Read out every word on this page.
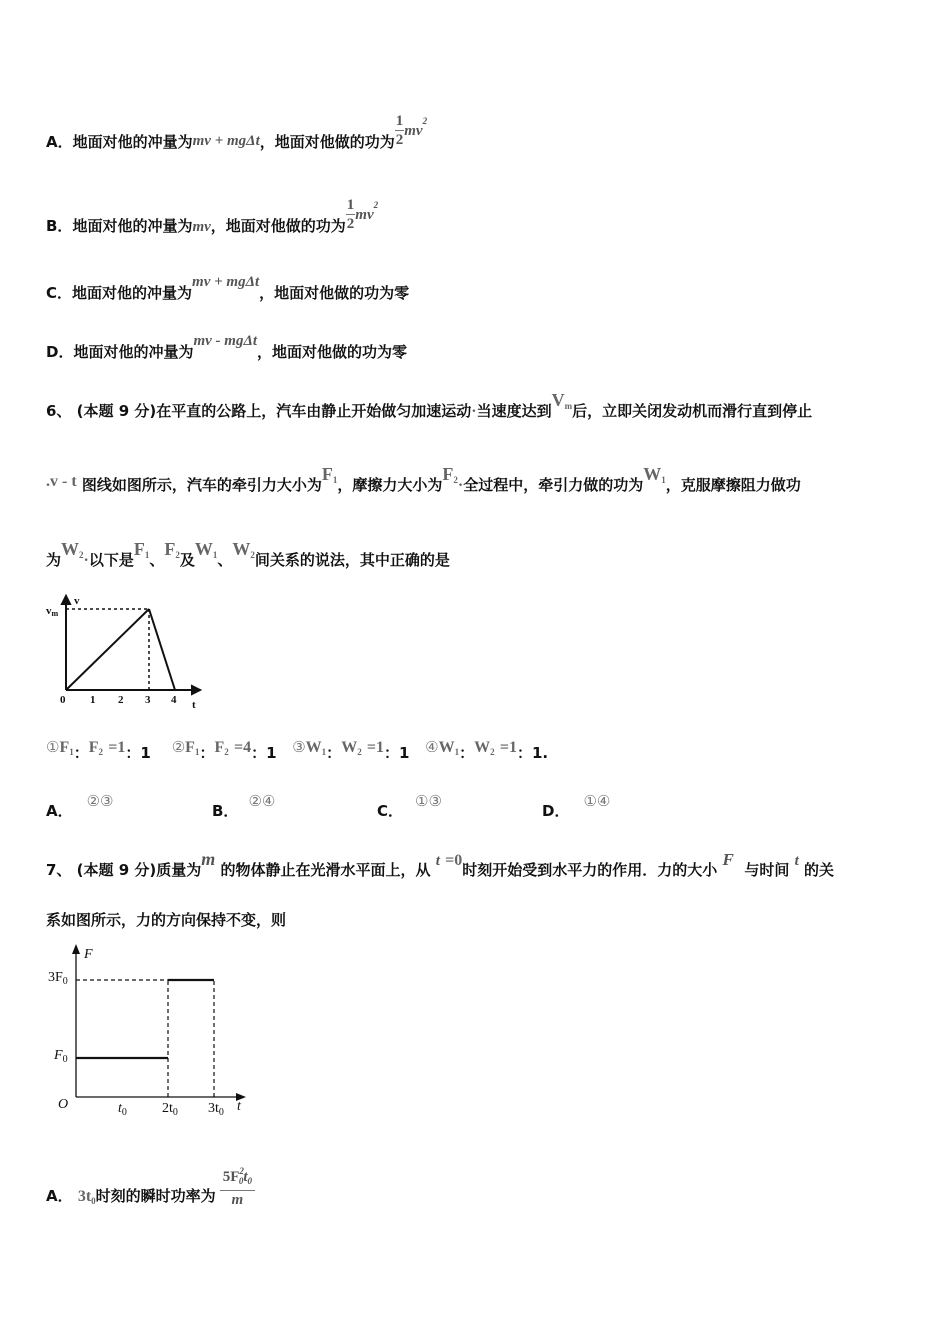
A．地面对他的冲量为mv + mgΔt，地面对他做的功为 $\frac{1}{2} mv^2$
B．地面对他的冲量为mv，地面对他做的功为 $\frac{1}{2} mv^2$
C．地面对他的冲量为mv + mgΔt，地面对他做的功为零
D．地面对他的冲量为mv - mgΔt，地面对他做的功为零
6、 (本题 9 分)在平直的公路上，汽车由静止开始做匀加速运动·当速度达到$V^m$后，立即关闭发动机而滑行直到停止
.v - t 图线如图所示，汽车的牵引力大小为$F^1$，摩擦力大小为$F^2\cdot$全过程中，牵引力做的功为$W^1$，克服摩擦阻力做功
为$W^2\cdot$以下是$F^1$、$F^2$及$W^1$、$W^2$间关系的说法，其中正确的是
v
vm
0 1 2 3 4 t
$①F^1$：$F^2 =1$：1 $②F^1$：$F^2 =4$：1 $③W^1$：$W^2 =1$：1 $④W^1$：$W^2 =1$：1.
A．②③
B．②④
C．①③
D．①④
7、 (本题 9 分)质量为m 的物体静止在光滑水平面上，从 t =0时刻开始受到水平力的作用．力的大小 F  与时间 t 的关
系如图所示，力的方向保持不变，则
F
t
O
$3F_0$
$F_0$
$t_0$	$2t_0$ $3t_0$
A． $3t_0$时刻的瞬时功率为 $\frac{5F^2_0t_0}{m}$
